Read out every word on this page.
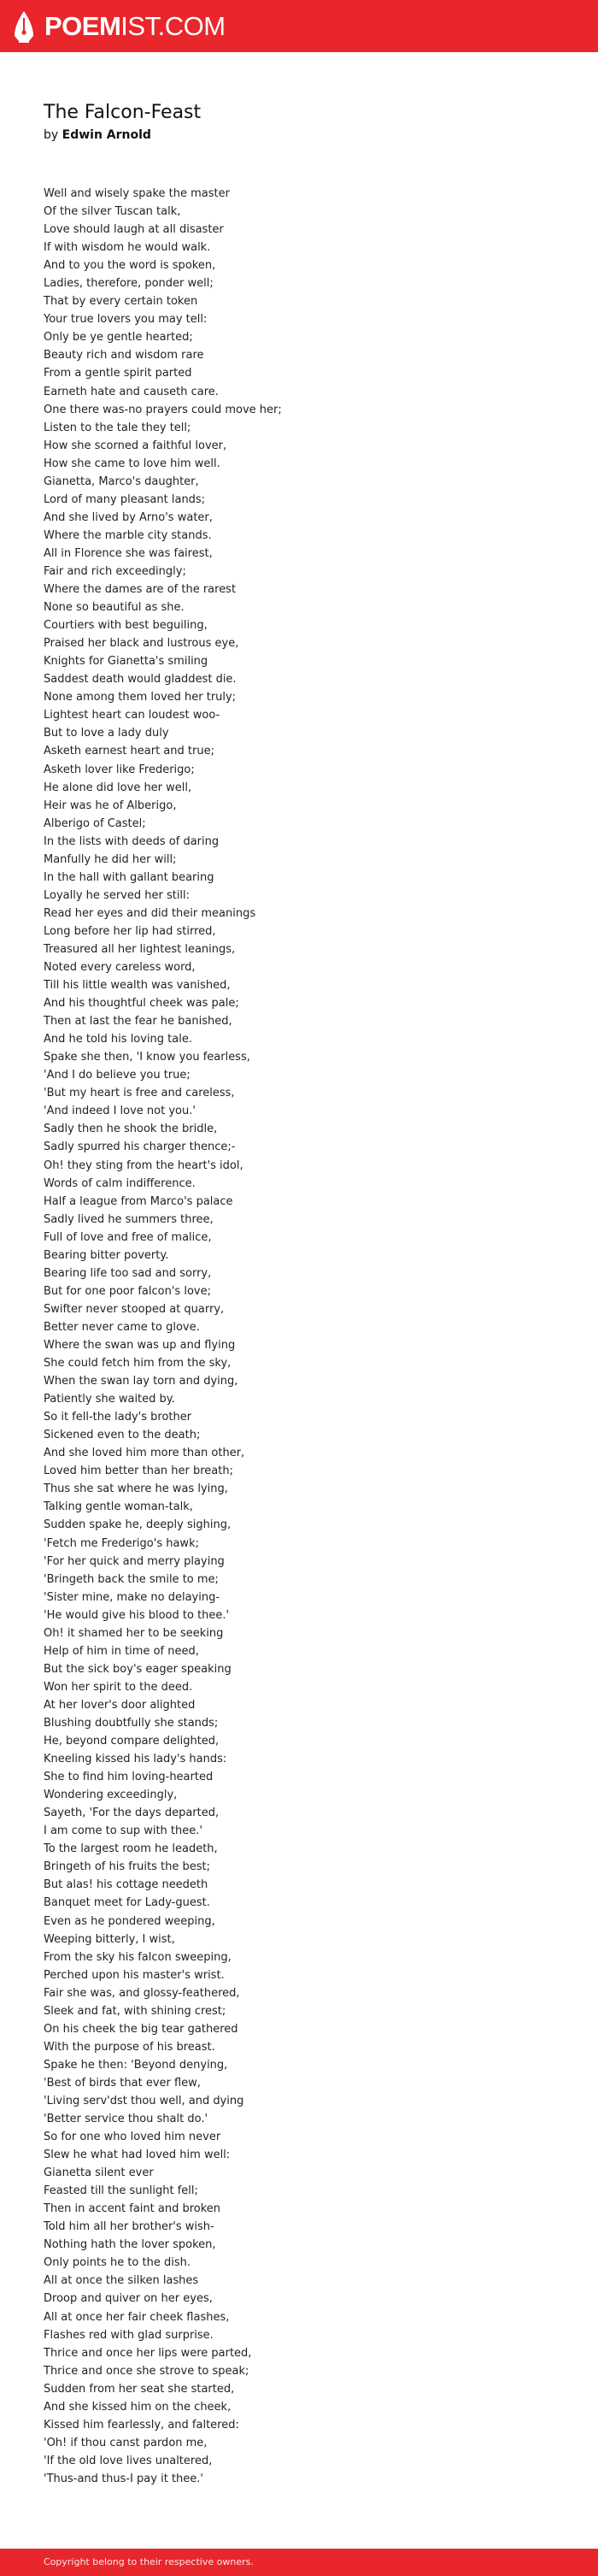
POEMIST.COM
The Falcon-Feast
by Edwin Arnold
Well and wisely spake the master
Of the silver Tuscan talk,
Love should laugh at all disaster
If with wisdom he would walk.
And to you the word is spoken,
Ladies, therefore, ponder well;
That by every certain token
Your true lovers you may tell:
Only be ye gentle hearted;
Beauty rich and wisdom rare
From a gentle spirit parted
Earneth hate and causeth care.
One there was-no prayers could move her;
Listen to the tale they tell;
How she scorned a faithful lover,
How she came to love him well.
Gianetta, Marco's daughter,
Lord of many pleasant lands;
And she lived by Arno's water,
Where the marble city stands.
All in Florence she was fairest,
Fair and rich exceedingly;
Where the dames are of the rarest
None so beautiful as she.
Courtiers with best beguiling,
Praised her black and lustrous eye,
Knights for Gianetta's smiling
Saddest death would gladdest die.
None among them loved her truly;
Lightest heart can loudest woo-
But to love a lady duly
Asketh earnest heart and true;
Asketh lover like Frederigo;
He alone did love her well,
Heir was he of Alberigo,
Alberigo of Castel;
In the lists with deeds of daring
Manfully he did her will;
In the hall with gallant bearing
Loyally he served her still:
Read her eyes and did their meanings
Long before her lip had stirred,
Treasured all her lightest leanings,
Noted every careless word,
Till his little wealth was vanished,
And his thoughtful cheek was pale;
Then at last the fear he banished,
And he told his loving tale.
Spake she then, 'I know you fearless,
'And I do believe you true;
'But my heart is free and careless,
'And indeed I love not you.'
Sadly then he shook the bridle,
Sadly spurred his charger thence;-
Oh! they sting from the heart's idol,
Words of calm indifference.
Half a league from Marco's palace
Sadly lived he summers three,
Full of love and free of malice,
Bearing bitter poverty.
Bearing life too sad and sorry,
But for one poor falcon's love;
Swifter never stooped at quarry,
Better never came to glove.
Where the swan was up and flying
She could fetch him from the sky,
When the swan lay torn and dying,
Patiently she waited by.
So it fell-the lady's brother
Sickened even to the death;
And she loved him more than other,
Loved him better than her breath;
Thus she sat where he was lying,
Talking gentle woman-talk,
Sudden spake he, deeply sighing,
'Fetch me Frederigo's hawk;
'For her quick and merry playing
'Bringeth back the smile to me;
'Sister mine, make no delaying-
'He would give his blood to thee.'
Oh! it shamed her to be seeking
Help of him in time of need,
But the sick boy's eager speaking
Won her spirit to the deed.
At her lover's door alighted
Blushing doubtfully she stands;
He, beyond compare delighted,
Kneeling kissed his lady's hands:
She to find him loving-hearted
Wondering exceedingly,
Sayeth, 'For the days departed,
I am come to sup with thee.'
To the largest room he leadeth,
Bringeth of his fruits the best;
But alas! his cottage needeth
Banquet meet for Lady-guest.
Even as he pondered weeping,
Weeping bitterly, I wist,
From the sky his falcon sweeping,
Perched upon his master's wrist.
Fair she was, and glossy-feathered,
Sleek and fat, with shining crest;
On his cheek the big tear gathered
With the purpose of his breast.
Spake he then: 'Beyond denying,
'Best of birds that ever flew,
'Living serv'dst thou well, and dying
'Better service thou shalt do.'
So for one who loved him never
Slew he what had loved him well:
Gianetta silent ever
Feasted till the sunlight fell;
Then in accent faint and broken
Told him all her brother's wish-
Nothing hath the lover spoken,
Only points he to the dish.
All at once the silken lashes
Droop and quiver on her eyes,
All at once her fair cheek flashes,
Flashes red with glad surprise.
Thrice and once her lips were parted,
Thrice and once she strove to speak;
Sudden from her seat she started,
And she kissed him on the cheek,
Kissed him fearlessly, and faltered:
'Oh! if thou canst pardon me,
'If the old love lives unaltered,
'Thus-and thus-I pay it thee.'
Copyright belong to their respective owners.
